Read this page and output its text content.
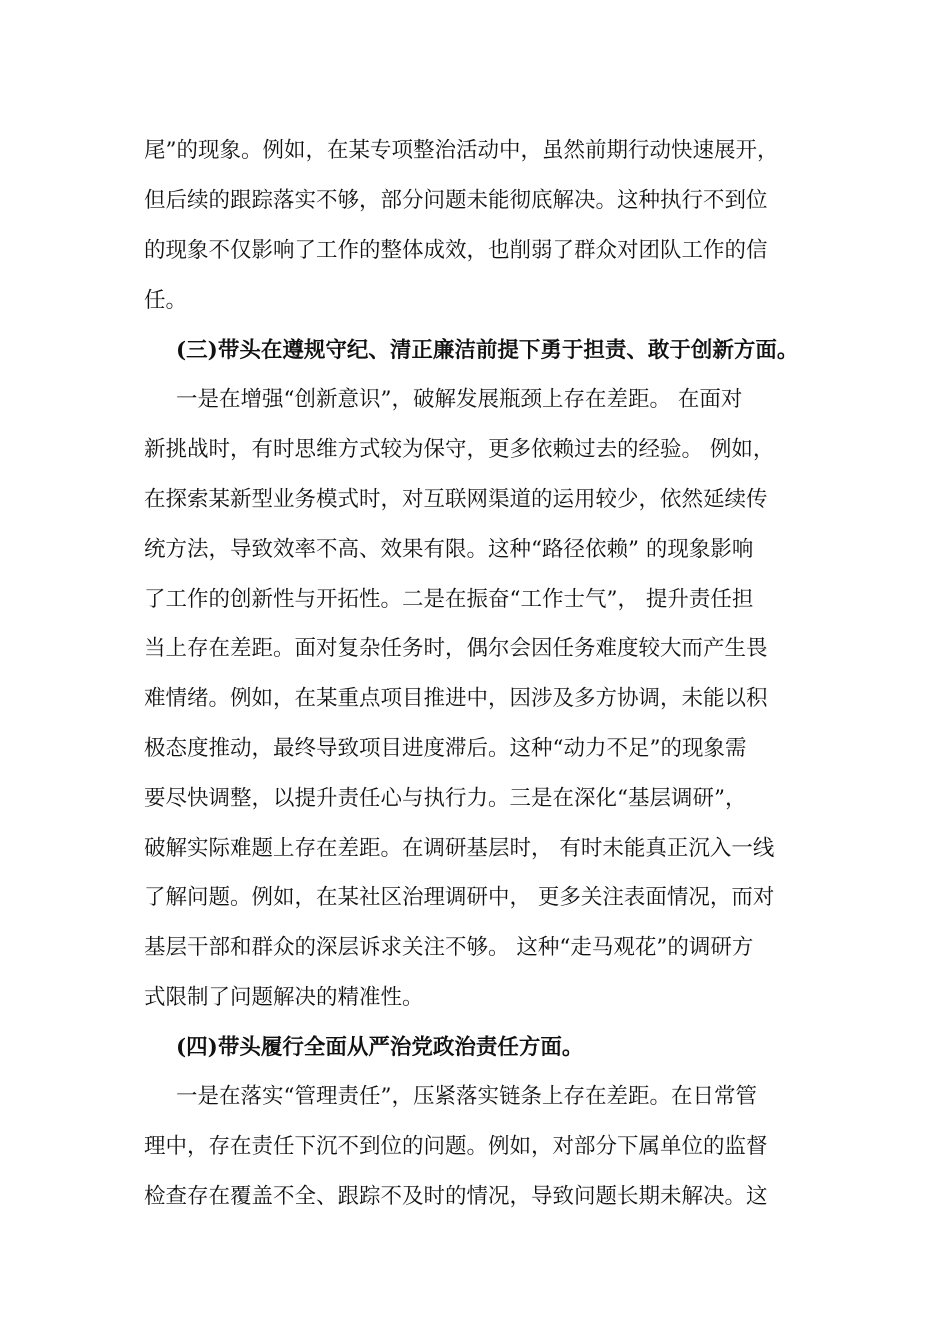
尾”的现象。例如，在某专项整治活动中，虽然前期行动快速展开，
但后续的跟踪落实不够，部分问题未能彻底解决。这种执行不到位
的现象不仅影响了工作的整体成效，也削弱了群众对团队工作的信
任。
(三)带头在遵规守纪、清正廉洁前提下勇于担责、敢于创新方面。
一是在增强“创新意识”，破解发展瓶颈上存在差距。 在面对
新挑战时，有时思维方式较为保守，更多依赖过去的经验。 例如，
在探索某新型业务模式时，对互联网渠道的运用较少，依然延续传
统方法，导致效率不高、效果有限。这种“路径依赖” 的现象影响
了工作的创新性与开拓性。二是在振奋“工作士气”， 提升责任担
当上存在差距。面对复杂任务时，偶尔会因任务难度较大而产生畏
难情绪。例如，在某重点项目推进中，因涉及多方协调，未能以积
极态度推动，最终导致项目进度滞后。这种“动力不足”的现象需
要尽快调整，以提升责任心与执行力。三是在深化“基层调研”，
破解实际难题上存在差距。在调研基层时， 有时未能真正沉入一线
了解问题。例如，在某社区治理调研中， 更多关注表面情况，而对
基层干部和群众的深层诉求关注不够。 这种“走马观花”的调研方
式限制了问题解决的精准性。
(四)带头履行全面从严治党政治责任方面。
一是在落实“管理责任”，压紧落实链条上存在差距。在日常管
理中，存在责任下沉不到位的问题。例如，对部分下属单位的监督
检查存在覆盖不全、跟踪不及时的情况，导致问题长期未解决。这
